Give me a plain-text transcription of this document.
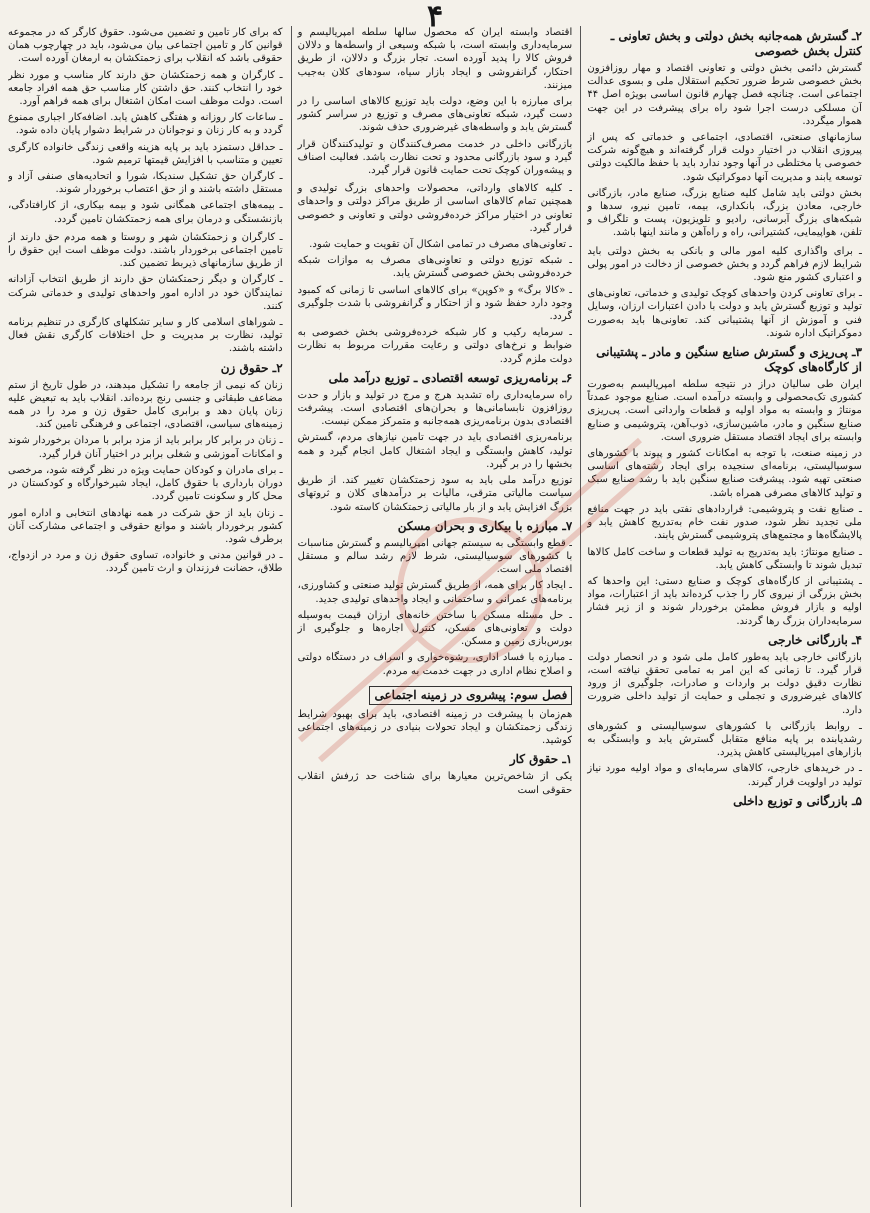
۴
۲ـ گسترش همه‌جانبه بخش دولتی و بخش تعاونی ـ کنترل بخش خصوصی

گسترش دائمی بخش دولتی و تعاونی اقتصاد و مهار روزافزون بخش خصوصی شرط ضرور تحکیم استقلال ملی و بسوی عدالت اجتماعی است. چنانچه فصل چهارم قانون اساسی بویژه اصل ۴۴ آن مسلکی درست اجرا شود راه برای پیشرفت در این جهت هموار میگردد.

سازمانهای صنعتی، اقتصادی، اجتماعی و خدماتی که پس از پیروزی انقلاب در اختیار دولت قرار گرفته‌اند و هیچ‌گونه شرکت خصوصی یا مختلطی در آنها وجود ندارد باید با حفظ مالکیت دولتی توسعه یابند و مدیریت آنها دموکراتیک شود.

بخش دولتی باید شامل کلیه صنایع بزرگ، صنایع مادر، بازرگانی خارجی، معادن بزرگ، بانکداری، بیمه، تامین نیرو، سدها و شبکه‌های بزرگ آبرسانی، رادیو و تلویزیون، پست و تلگراف و تلفن، هواپیمایی، کشتیرانی، راه و راه‌آهن و مانند اینها باشد.

ـ برای واگذاری کلیه امور مالی و بانکی به بخش دولتی باید شرایط لازم فراهم گردد و بخش خصوصی از دخالت در امور پولی و اعتباری کشور منع شود.

ـ برای تعاونی کردن واحدهای کوچک تولیدی و خدماتی، تعاونی‌های تولید و توزیع گسترش یابد و دولت با دادن اعتبارات ارزان، وسایل فنی و آموزش از آنها پشتیبانی کند. تعاونی‌ها باید به‌صورت دموکراتیک اداره شوند.

۳ـ پی‌ریزی و گسترش صنایع سنگین و مادر ـ پشتیبانی از کارگاه‌های کوچک

ایران طی سالیان دراز در نتیجه سلطه امپریالیسم به‌صورت کشوری تک‌محصولی و وابسته درآمده است. صنایع موجود عمدتاً مونتاژ و وابسته به مواد اولیه و قطعات وارداتی است. پی‌ریزی صنایع سنگین و مادر، ماشین‌سازی، ذوب‌آهن، پتروشیمی و صنایع وابسته برای ایجاد اقتصاد مستقل ضروری است.

در زمینه صنعت، با توجه به امکانات کشور و پیوند با کشورهای سوسیالیستی، برنامه‌ای سنجیده برای ایجاد رشته‌های اساسی صنعتی تهیه شود. پیشرفت صنایع سنگین باید با رشد صنایع سبک و تولید کالاهای مصرفی همراه باشد.

ـ صنایع نفت و پتروشیمی: قراردادهای نفتی باید در جهت منافع ملی تجدید نظر شود، صدور نفت خام به‌تدریج کاهش یابد و پالایشگاه‌ها و مجتمع‌های پتروشیمی گسترش یابند.

ـ صنایع مونتاژ: باید به‌تدریج به تولید قطعات و ساخت کامل کالاها تبدیل شوند تا وابستگی کاهش یابد.

ـ پشتیبانی از کارگاه‌های کوچک و صنایع دستی: این واحدها که بخش بزرگی از نیروی کار را جذب کرده‌اند باید از اعتبارات، مواد اولیه و بازار فروش مطمئن برخوردار شوند و از زیر فشار سرمایه‌داران بزرگ رها گردند.

۴ـ بازرگانی خارجی

بازرگانی خارجی باید به‌طور کامل ملی شود و در انحصار دولت قرار گیرد. تا زمانی که این امر به تمامی تحقق نیافته است، نظارت دقیق دولت بر واردات و صادرات، جلوگیری از ورود کالاهای غیرضروری و تجملی و حمایت از تولید داخلی ضرورت دارد.

ـ روابط بازرگانی با کشورهای سوسیالیستی و کشورهای رشدیابنده بر پایه منافع متقابل گسترش یابد و وابستگی به بازارهای امپریالیستی کاهش پذیرد.

ـ در خریدهای خارجی، کالاهای سرمایه‌ای و مواد اولیه مورد نیاز تولید در اولویت قرار گیرند.

۵ـ بازرگانی و توزیع داخلی

اقتصاد وابسته ایران که محصول سالها سلطه امپریالیسم و سرمایه‌داری وابسته است، با شبکه وسیعی از واسطه‌ها و دلالان فروش کالا را پدید آورده است. تجار بزرگ و دلالان، از طریق احتکار، گرانفروشی و ایجاد بازار سیاه، سودهای کلان به‌جیب میزنند.

برای مبارزه با این وضع، دولت باید توزیع کالاهای اساسی را در دست گیرد، شبکه تعاونی‌های مصرف و توزیع در سراسر کشور گسترش یابد و واسطه‌های غیرضروری حذف شوند.

بازرگانی داخلی در خدمت مصرف‌کنندگان و تولیدکنندگان قرار گیرد و سود بازرگانی محدود و تحت نظارت باشد. فعالیت اصناف و پیشه‌وران کوچک تحت حمایت قانون قرار گیرد.

ـ کلیه کالاهای وارداتی، محصولات واحدهای بزرگ تولیدی و همچنین تمام کالاهای اساسی از طریق مراکز دولتی و واحدهای تعاونی در اختیار مراکز خرده‌فروشی دولتی و تعاونی و خصوصی قرار گیرد.

ـ تعاونی‌های مصرف در تمامی اشکال آن تقویت و حمایت شود.

ـ شبکه توزیع دولتی و تعاونی‌های مصرف به موازات شبکه خرده‌فروشی بخش خصوصی گسترش یابد.

ـ «کالا برگ» و «کوپن» برای کالاهای اساسی تا زمانی که کمبود وجود دارد حفظ شود و از احتکار و گرانفروشی با شدت جلوگیری گردد.

ـ سرمایه رکیب و کار شبکه خرده‌فروشی بخش خصوصی به ضوابط و نرخ‌های دولتی و رعایت مقررات مربوط به نظارت دولت ملزم گردد.

۶ـ برنامه‌ریزی توسعه اقتصادی ـ توزیع درآمد ملی

راه سرمایه‌داری راه تشدید هرج و مرج در تولید و بازار و حدت روزافزون نابسامانی‌ها و بحران‌های اقتصادی است. پیشرفت اقتصادی بدون برنامه‌ریزی همه‌جانبه و متمرکز ممکن نیست.

برنامه‌ریزی اقتصادی باید در جهت تامین نیازهای مردم، گسترش تولید، کاهش وابستگی و ایجاد اشتغال کامل انجام گیرد و همه بخشها را در بر گیرد.

توزیع درآمد ملی باید به سود زحمتکشان تغییر کند. از طریق سیاست مالیاتی مترقی، مالیات بر درآمدهای کلان و ثروتهای بزرگ افزایش یابد و از بار مالیاتی زحمتکشان کاسته شود.

۷ـ مبارزه با بیکاری و بحران مسکن

ـ قطع وابستگی به سیستم جهانی امپریالیسم و گسترش مناسبات با کشورهای سوسیالیستی، شرط لازم رشد سالم و مستقل اقتصاد ملی است.

ـ ایجاد کار برای همه، از طریق گسترش تولید صنعتی و کشاورزی، برنامه‌های عمرانی و ساختمانی و ایجاد واحدهای تولیدی جدید.

ـ حل مسئله مسکن با ساختن خانه‌های ارزان قیمت به‌وسیله دولت و تعاونی‌های مسکن، کنترل اجاره‌ها و جلوگیری از بورس‌بازی زمین و مسکن.

ـ مبارزه با فساد اداری، رشوه‌خواری و اسراف در دستگاه دولتی و اصلاح نظام اداری در جهت خدمت به مردم.

فصل سوم: پیشروی در زمینه اجتماعی

هم‌زمان با پیشرفت در زمینه اقتصادی، باید برای بهبود شرایط زندگی زحمتکشان و ایجاد تحولات بنیادی در زمینه‌های اجتماعی کوشید.

۱ـ حقوق کار

یکی از شاخص‌ترین معیارها برای شناخت حد ژرفش انقلاب حقوقی است

که برای کار تامین و تضمین می‌شود. حقوق کارگر که در مجموعه قوانین کار و تامین اجتماعی بیان می‌شود، باید در چهارچوب همان حقوقی باشد که انقلاب برای زحمتکشان به ارمغان آورده است.

ـ کارگران و همه زحمتکشان حق دارند کار مناسب و مورد نظر خود را انتخاب کنند. حق داشتن کار مناسب حق همه افراد جامعه است. دولت موظف است امکان اشتغال برای همه فراهم آورد.

ـ ساعات کار روزانه و هفتگی کاهش یابد. اضافه‌کار اجباری ممنوع گردد و به کار زنان و نوجوانان در شرایط دشوار پایان داده شود.

ـ حداقل دستمزد باید بر پایه هزینه واقعی زندگی خانواده کارگری تعیین و متناسب با افزایش قیمتها ترمیم شود.

ـ کارگران حق تشکیل سندیکا، شورا و اتحادیه‌های صنفی آزاد و مستقل داشته باشند و از حق اعتصاب برخوردار شوند.

ـ بیمه‌های اجتماعی همگانی شود و بیمه بیکاری، از کارافتادگی، بازنشستگی و درمان برای همه زحمتکشان تامین گردد.

ـ کارگران و زحمتکشان شهر و روستا و همه مردم حق دارند از تامین اجتماعی برخوردار باشند. دولت موظف است این حقوق را از طریق سازمانهای ذیربط تضمین کند.

ـ کارگران و دیگر زحمتکشان حق دارند از طریق انتخاب آزادانه نمایندگان خود در اداره امور واحدهای تولیدی و خدماتی شرکت کنند.

ـ شوراهای اسلامی کار و سایر تشکلهای کارگری در تنظیم برنامه تولید، نظارت بر مدیریت و حل اختلافات کارگری نقش فعال داشته باشند.

۲ـ حقوق زن

زنان که نیمی از جامعه را تشکیل میدهند، در طول تاریخ از ستم مضاعف طبقاتی و جنسی رنج برده‌اند. انقلاب باید به تبعیض علیه زنان پایان دهد و برابری کامل حقوق زن و مرد را در همه زمینه‌های سیاسی، اقتصادی، اجتماعی و فرهنگی تامین کند.

ـ زنان در برابر کار برابر باید از مزد برابر با مردان برخوردار شوند و امکانات آموزشی و شغلی برابر در اختیار آنان قرار گیرد.

ـ برای مادران و کودکان حمایت ویژه در نظر گرفته شود، مرخصی دوران بارداری با حقوق کامل، ایجاد شیرخوارگاه و کودکستان در محل کار و سکونت تامین گردد.

ـ زنان باید از حق شرکت در همه نهادهای انتخابی و اداره امور کشور برخوردار باشند و موانع حقوقی و اجتماعی مشارکت آنان برطرف شود.

ـ در قوانین مدنی و خانواده، تساوی حقوق زن و مرد در ازدواج، طلاق، حضانت فرزندان و ارث تامین گردد.
